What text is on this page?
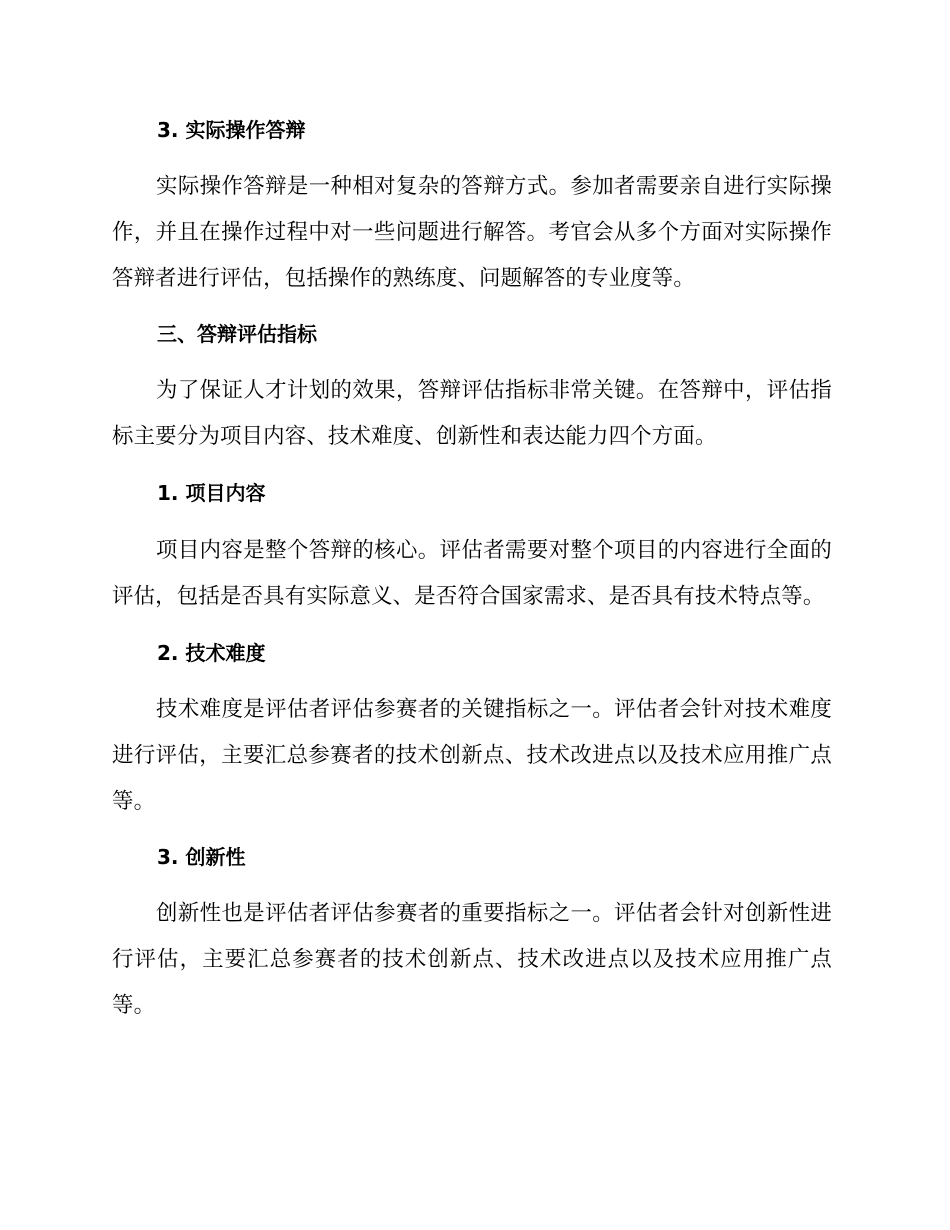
3. 实际操作答辩

实际操作答辩是一种相对复杂的答辩方式。参加者需要亲自进行实际操作，并且在操作过程中对一些问题进行解答。考官会从多个方面对实际操作答辩者进行评估，包括操作的熟练度、问题解答的专业度等。

三、答辩评估指标

为了保证人才计划的效果，答辩评估指标非常关键。在答辩中，评估指标主要分为项目内容、技术难度、创新性和表达能力四个方面。

1. 项目内容

项目内容是整个答辩的核心。评估者需要对整个项目的内容进行全面的评估，包括是否具有实际意义、是否符合国家需求、是否具有技术特点等。

2. 技术难度

技术难度是评估者评估参赛者的关键指标之一。评估者会针对技术难度进行评估，主要汇总参赛者的技术创新点、技术改进点以及技术应用推广点等。

3. 创新性

创新性也是评估者评估参赛者的重要指标之一。评估者会针对创新性进行评估，主要汇总参赛者的技术创新点、技术改进点以及技术应用推广点等。
